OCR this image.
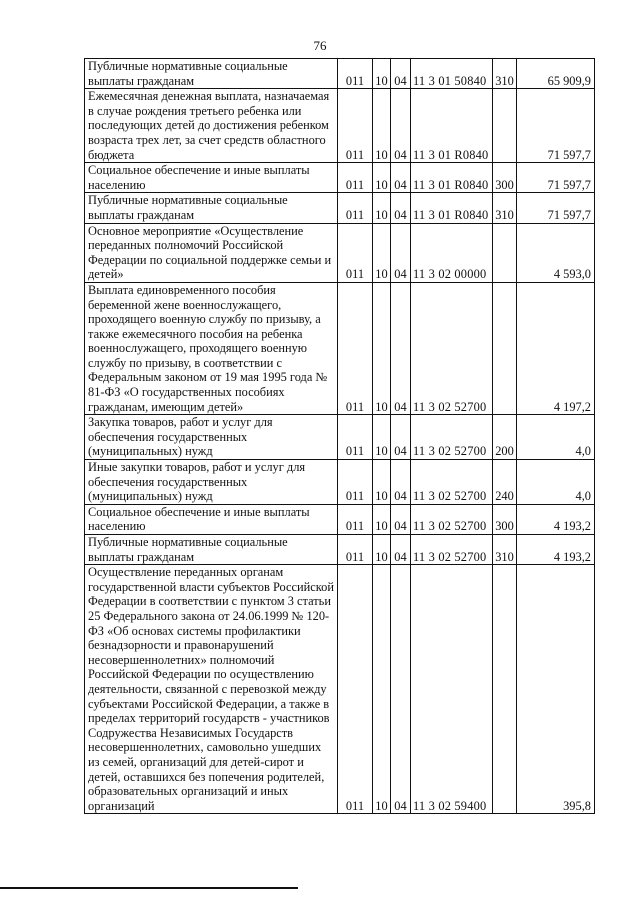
76
Публичные нормативные социальные выплаты гражданам	011	10	04	11 3 01 50840	310	65 909,9
Ежемесячная денежная выплата, назначаемая в случае рождения третьего ребенка или последующих детей до достижения ребенком возраста трех лет, за счет средств областного бюджета	011	10	04	11 3 01 R0840		71 597,7
Социальное обеспечение и иные выплаты населению	011	10	04	11 3 01 R0840	300	71 597,7
Публичные нормативные социальные выплаты гражданам	011	10	04	11 3 01 R0840	310	71 597,7
Основное мероприятие «Осуществление переданных полномочий Российской Федерации по социальной поддержке семьи и детей»	011	10	04	11 3 02 00000		4 593,0
Выплата единовременного пособия беременной жене военнослужащего, проходящего военную службу по призыву, а также ежемесячного пособия на ребенка военнослужащего, проходящего военную службу по призыву, в соответствии с Федеральным законом от 19 мая 1995 года № 81-ФЗ «О государственных пособиях гражданам, имеющим детей»	011	10	04	11 3 02 52700		4 197,2
Закупка товаров, работ и услуг для обеспечения государственных (муниципальных) нужд	011	10	04	11 3 02 52700	200	4,0
Иные закупки товаров, работ и услуг для обеспечения государственных (муниципальных) нужд	011	10	04	11 3 02 52700	240	4,0
Социальное обеспечение и иные выплаты населению	011	10	04	11 3 02 52700	300	4 193,2
Публичные нормативные социальные выплаты гражданам	011	10	04	11 3 02 52700	310	4 193,2
Осуществление переданных органам государственной власти субъектов Российской Федерации в соответствии с пунктом 3 статьи 25 Федерального закона от 24.06.1999 № 120-ФЗ «Об основах системы профилактики безнадзорности и правонарушений несовершеннолетних» полномочий Российской Федерации по осуществлению деятельности, связанной с перевозкой между субъектами Российской Федерации, а также в пределах территорий государств - участников Содружества Независимых Государств несовершеннолетних, самовольно ушедших из семей, организаций для детей-сирот и детей, оставшихся без попечения родителей, образовательных организаций и иных организаций	011	10	04	11 3 02 59400		395,8
